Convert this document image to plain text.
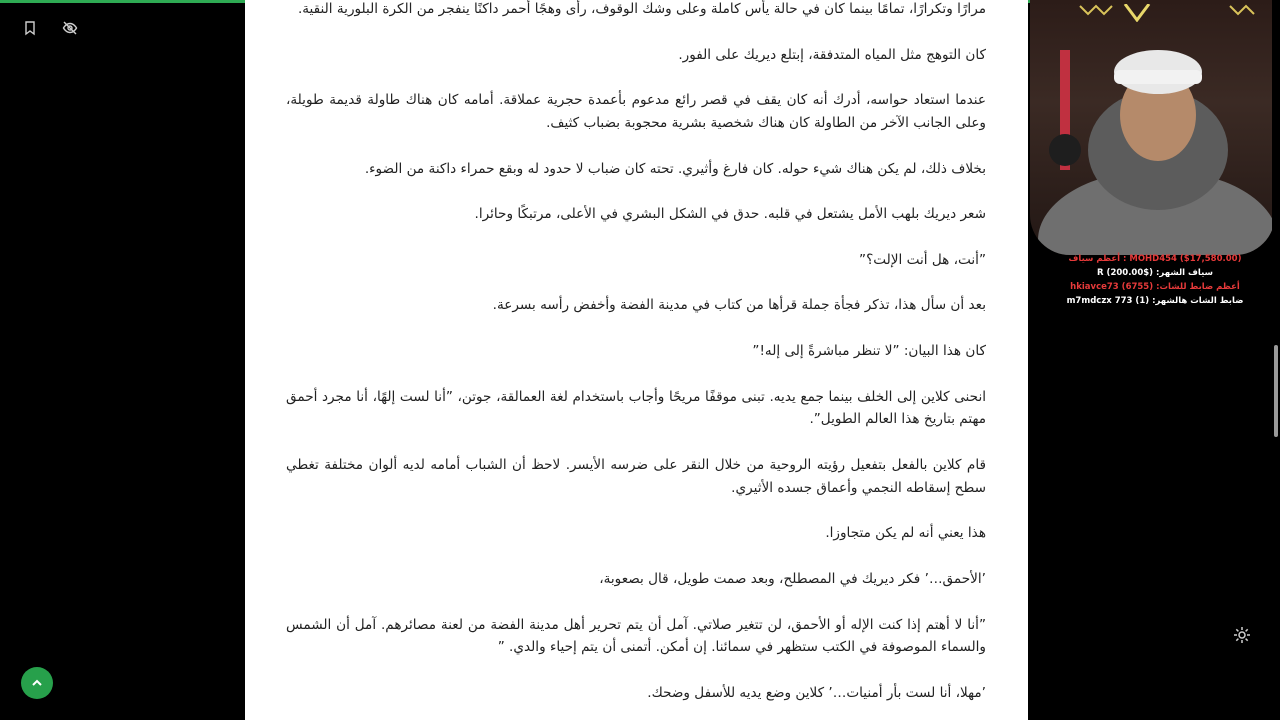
مرارًا وتكرارًا، تمامًا بينما كان في حالة يأس كاملة وعلى وشك الوقوف، رأى وهجًا أحمر داكنًا ينفجر من الكرة البلورية النقية.

كان التوهج مثل المياه المتدفقة، إبتلع ديريك على الفور.

عندما استعاد حواسه، أدرك أنه كان يقف في قصر رائع مدعوم بأعمدة حجرية عملاقة. أمامه كان هناك طاولة قديمة طويلة، وعلى الجانب الآخر من الطاولة كان هناك شخصية بشرية محجوبة بضباب كثيف.

بخلاف ذلك، لم يكن هناك شيء حوله. كان فارغ وأثيري. تحته كان ضباب لا حدود له وبقع حمراء داكنة من الضوء.

شعر ديريك بلهب الأمل يشتعل في قلبه. حدق في الشكل البشري في الأعلى، مرتبكًا وحائرا.

”أنت، هل أنت الإلت؟”

بعد أن سأل هذا، تذكر فجأة جملة قرأها من كتاب في مدينة الفضة وأخفض رأسه بسرعة.

كان هذا البيان: ”لا تنظر مباشرةً إلى إله!”

انحنى كلاين إلى الخلف بينما جمع يديه. تبنى موقفًا مريحًا وأجاب باستخدام لغة العمالقة، جوتن، ”أنا لست إلهًا، أنا مجرد أحمق مهتم بتاريخ هذا العالم الطويل”.

قام كلاين بالفعل بتفعيل رؤيته الروحية من خلال النقر على ضرسه الأيسر. لاحظ أن الشباب أمامه لديه ألوان مختلفة تغطي سطح إسقاطه النجمي وأعماق جسده الأثيري.

هذا يعني أنه لم يكن متجاوزا.

’الأحمق…’ فكر ديريك في المصطلح، وبعد صمت طويل، قال بصعوبة،

”أنا لا أهتم إذا كنت الإله أو الأحمق، لن تتغير صلاتي. آمل أن يتم تحرير أهل مدينة الفضة من لعنة مصائرهم. آمل أن الشمس والسماء الموصوفة في الكتب ستظهر في سمائنا. إن أمكن. أتمنى أن يتم إحياء والدي. ”

’مهلا، أنا لست بأر أمنيات…’ كلاين وضع يديه للأسفل وضحك.

MOHD454 ($17,580.00) : أعظم سياف
سياف الشهر: ($200.00) R
أعظم ضابط للشات: (6755) hkiavce73
ضابط الشات هالشهر: (1) m7mdczx 773
